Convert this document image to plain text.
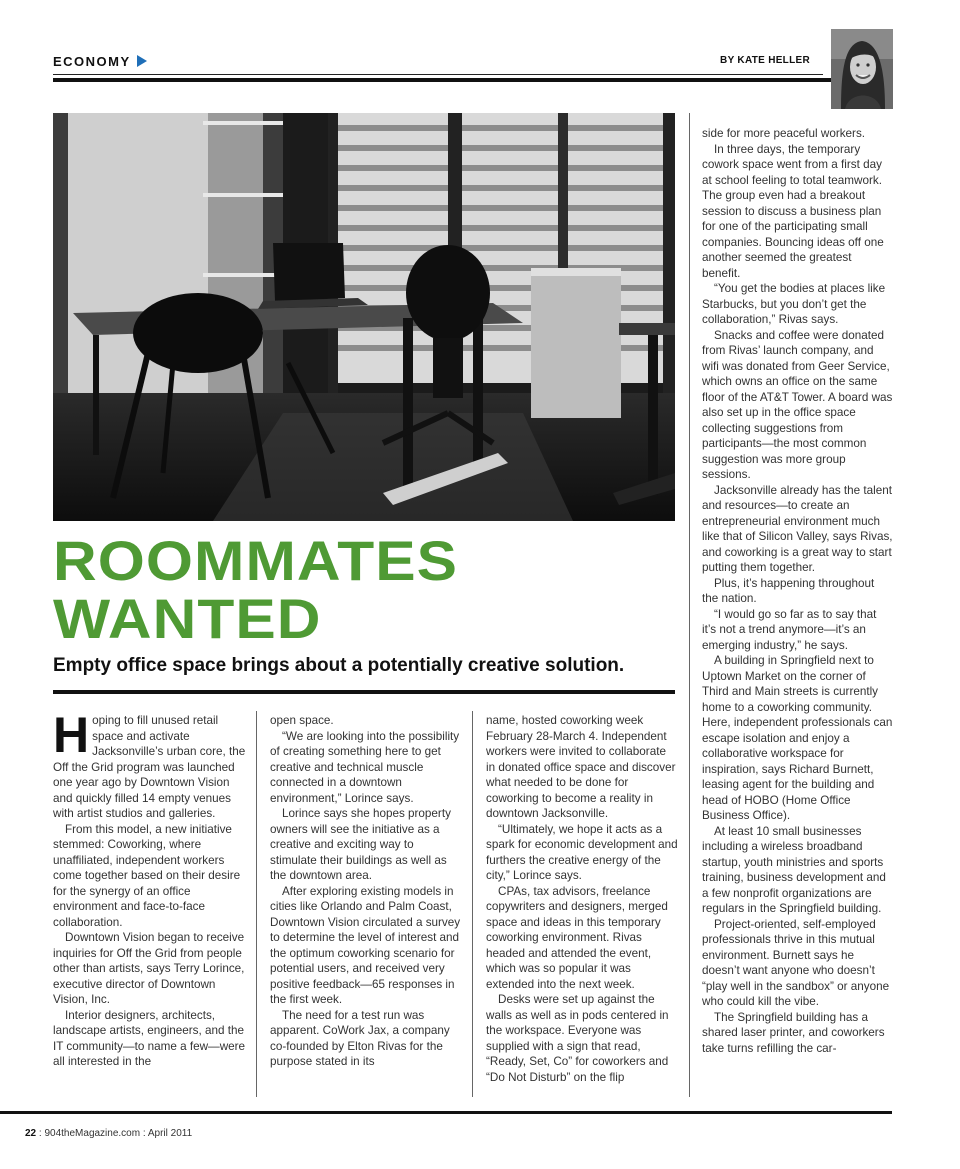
ECONOMY	BY KATE HELLER
ROOMMATES
WANTED
Empty office space brings about a potentially creative solution.

Hoping to fill unused retail space and activate Jacksonville’s urban core, the Off the Grid program was launched one year ago by Downtown Vision and quickly filled 14 empty venues with artist studios and galleries.

From this model, a new initiative stemmed: Coworking, where unaffiliated, independent workers come together based on their desire for the synergy of an office environment and face-to-face collaboration.

Downtown Vision began to receive inquiries for Off the Grid from people other than artists, says Terry Lorince, executive director of Downtown Vision, Inc.

Interior designers, architects, landscape artists, engineers, and the IT community—to name a few—were all interested in the

open space.

“We are looking into the possibility of creating something here to get creative and technical muscle connected in a downtown environment,” Lorince says.

Lorince says she hopes property owners will see the initiative as a creative and exciting way to stimulate their buildings as well as the downtown area.

After exploring existing models in cities like Orlando and Palm Coast, Downtown Vision circulated a survey to determine the level of interest and the optimum coworking scenario for potential users, and received very positive feedback—65 responses in the first week.

The need for a test run was apparent. CoWork Jax, a company co-founded by Elton Rivas for the purpose stated in its

name, hosted coworking week February 28-March 4. Independent workers were invited to collaborate in donated office space and discover what needed to be done for coworking to become a reality in downtown Jacksonville.

“Ultimately, we hope it acts as a spark for economic development and furthers the creative energy of the city,” Lorince says.

CPAs, tax advisors, freelance copywriters and designers, merged space and ideas in this temporary coworking environment. Rivas headed and attended the event, which was so popular it was extended into the next week.

Desks were set up against the walls as well as in pods centered in the workspace. Everyone was supplied with a sign that read, “Ready, Set, Co” for coworkers and “Do Not Disturb” on the flip

side for more peaceful workers.

In three days, the temporary cowork space went from a first day at school feeling to total teamwork. The group even had a breakout session to discuss a business plan for one of the participating small companies. Bouncing ideas off one another seemed the greatest benefit.

“You get the bodies at places like Starbucks, but you don’t get the collaboration,” Rivas says.

Snacks and coffee were donated from Rivas’ launch company, and wifi was donated from Geer Service, which owns an office on the same floor of the AT&T Tower. A board was also set up in the office space collecting suggestions from participants—the most common suggestion was more group sessions.

Jacksonville already has the talent and resources—to create an entrepreneurial environment much like that of Silicon Valley, says Rivas, and coworking is a great way to start putting them together.

Plus, it’s happening throughout the nation.

“I would go so far as to say that it’s not a trend anymore—it’s an emerging industry,” he says.

A building in Springfield next to Uptown Market on the corner of Third and Main streets is currently home to a coworking community. Here, independent professionals can escape isolation and enjoy a collaborative workspace for inspiration, says Richard Burnett, leasing agent for the building and head of HOBO (Home Office Business Office).

At least 10 small businesses including a wireless broadband startup, youth ministries and sports training, business development and a few nonprofit organizations are regulars in the Springfield building.

Project-oriented, self-employed professionals thrive in this mutual environment. Burnett says he doesn’t want anyone who doesn’t “play well in the sandbox” or anyone who could kill the vibe.

The Springfield building has a shared laser printer, and coworkers take turns refilling the car-

22 : 904theMagazine.com : April 2011
